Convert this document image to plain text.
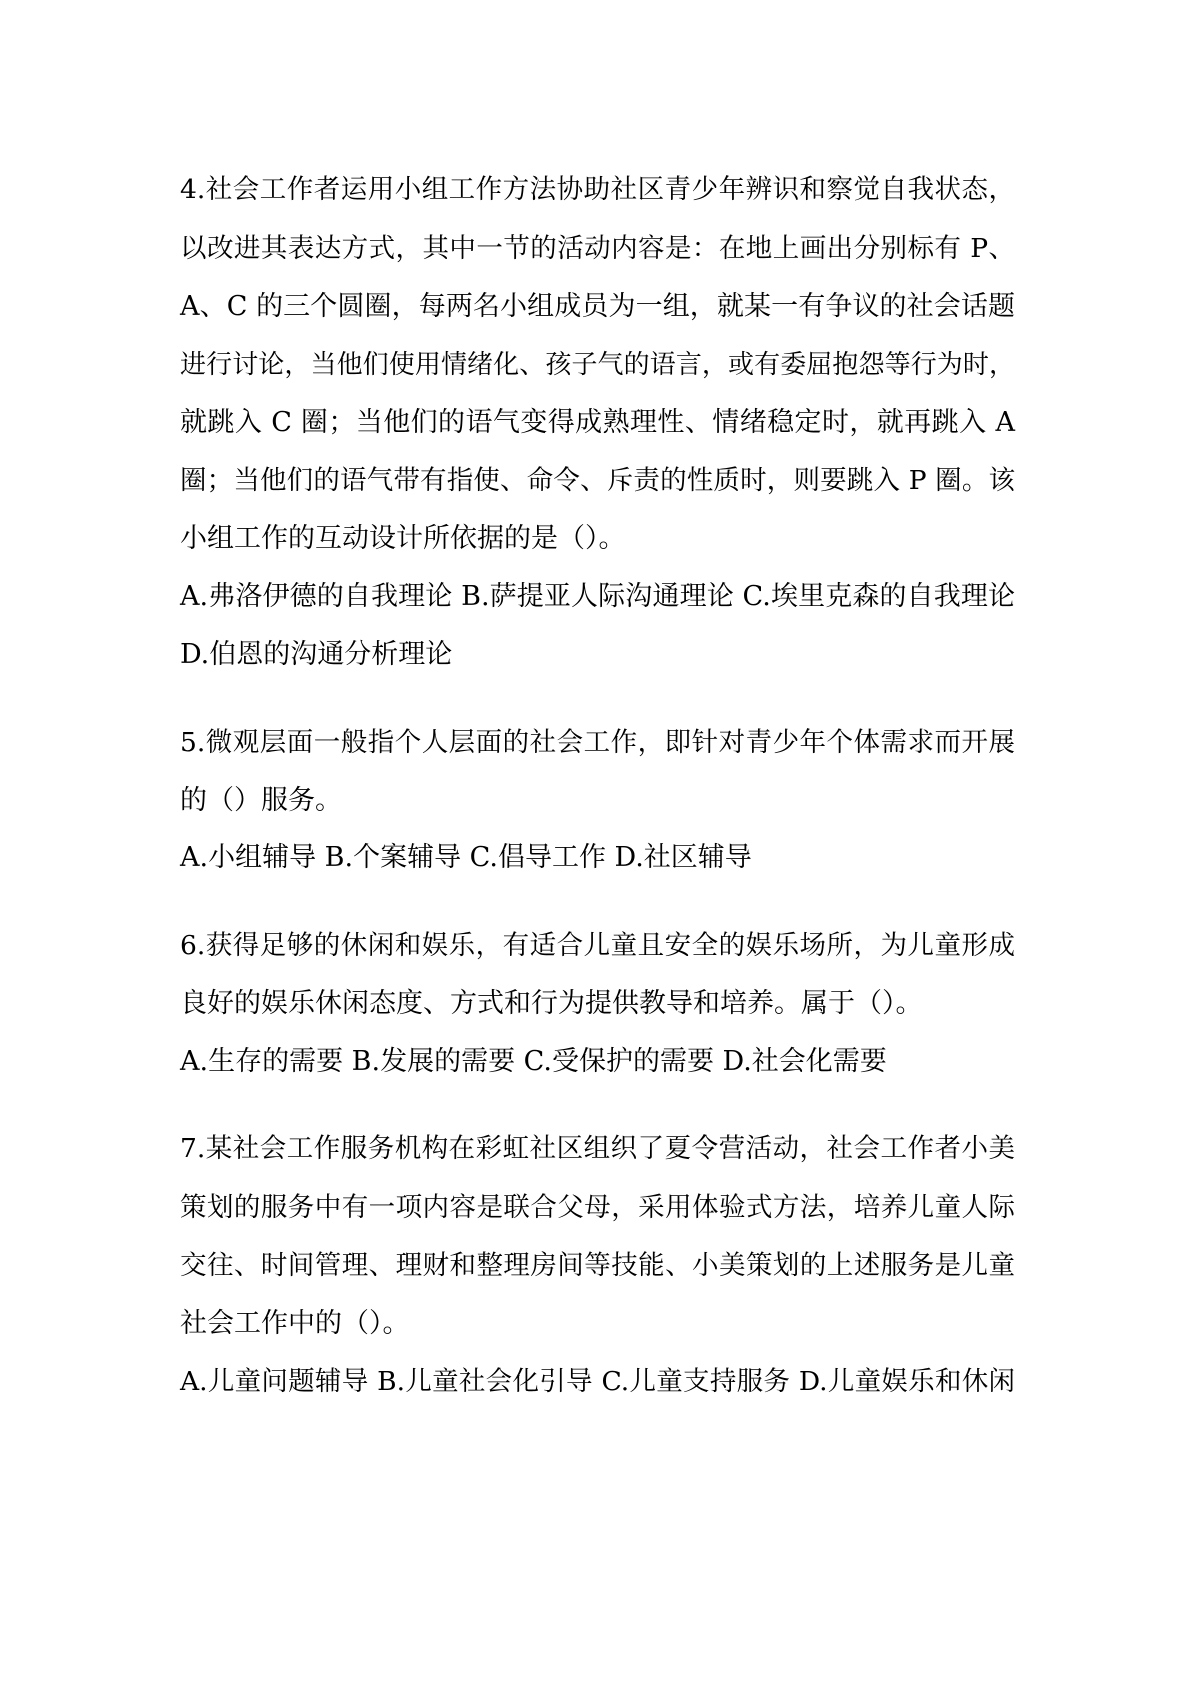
4.社会工作者运用小组工作方法协助社区青少年辨识和察觉自我状态，
以改进其表达方式，其中一节的活动内容是：在地上画出分别标有 P、
A、C 的三个圆圈，每两名小组成员为一组，就某一有争议的社会话题
进行讨论，当他们使用情绪化、孩子气的语言，或有委屈抱怨等行为时，
就跳入 C 圈；当他们的语气变得成熟理性、情绪稳定时，就再跳入 A
圈；当他们的语气带有指使、命令、斥责的性质时，则要跳入 P 圈。该
小组工作的互动设计所依据的是（）。
A.弗洛伊德的自我理论 B.萨提亚人际沟通理论 C.埃里克森的自我理论
D.伯恩的沟通分析理论
5.微观层面一般指个人层面的社会工作，即针对青少年个体需求而开展
的（）服务。
A.小组辅导 B.个案辅导 C.倡导工作 D.社区辅导
6.获得足够的休闲和娱乐，有适合儿童且安全的娱乐场所，为儿童形成
良好的娱乐休闲态度、方式和行为提供教导和培养。属于（）。
A.生存的需要 B.发展的需要 C.受保护的需要 D.社会化需要
7.某社会工作服务机构在彩虹社区组织了夏令营活动，社会工作者小美
策划的服务中有一项内容是联合父母，采用体验式方法，培养儿童人际
交往、时间管理、理财和整理房间等技能、小美策划的上述服务是儿童
社会工作中的（）。
A.儿童问题辅导 B.儿童社会化引导 C.儿童支持服务 D.儿童娱乐和休闲
